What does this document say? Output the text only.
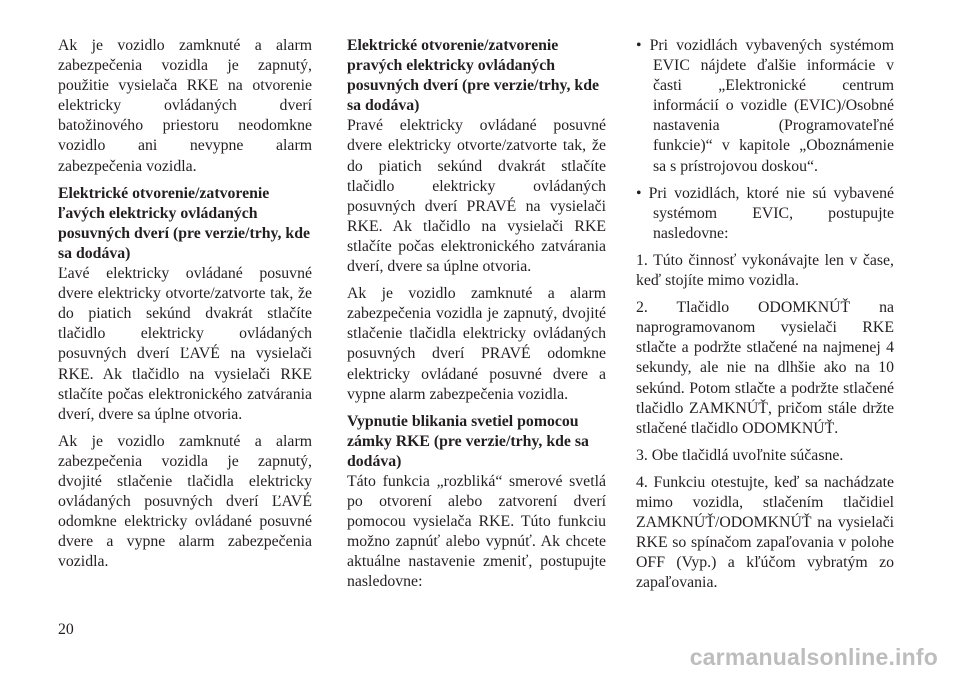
Ak je vozidlo zamknuté a alarm zabezpečenia vozidla je zapnutý, použitie vysielača RKE na otvorenie elektricky ovládaných dverí batožinového priestoru neodomkne vozidlo ani nevypne alarm zabezpečenia vozidla.

Elektrické otvorenie/zatvorenie ľavých elektricky ovládaných posuvných dverí (pre verzie/trhy, kde sa dodáva)

Ľavé elektricky ovládané posuvné dvere elektricky otvorte/zatvorte tak, že do piatich sekúnd dvakrát stlačíte tlačidlo elektricky ovládaných posuvných dverí ĽAVÉ na vysielači RKE. Ak tlačidlo na vysielači RKE stlačíte počas elektronického zatvárania dverí, dvere sa úplne otvoria.

Ak je vozidlo zamknuté a alarm zabezpečenia vozidla je zapnutý, dvojité stlačenie tlačidla elektricky ovládaných posuvných dverí ĽAVÉ odomkne elektricky ovládané posuvné dvere a vypne alarm zabezpečenia vozidla.

Elektrické otvorenie/zatvorenie pravých elektricky ovládaných posuvných dverí (pre verzie/trhy, kde sa dodáva)

Pravé elektricky ovládané posuvné dvere elektricky otvorte/zatvorte tak, že do piatich sekúnd dvakrát stlačíte tlačidlo elektricky ovládaných posuvných dverí PRAVÉ na vysielači RKE. Ak tlačidlo na vysielači RKE stlačíte počas elektronického zatvárania dverí, dvere sa úplne otvoria.

Ak je vozidlo zamknuté a alarm zabezpečenia vozidla je zapnutý, dvojité stlačenie tlačidla elektricky ovládaných posuvných dverí PRAVÉ odomkne elektricky ovládané posuvné dvere a vypne alarm zabezpečenia vozidla.

Vypnutie blikania svetiel pomocou zámky RKE (pre verzie/trhy, kde sa dodáva)

Táto funkcia „rozbliká“ smerové svetlá po otvorení alebo zatvorení dverí pomocou vysielača RKE. Túto funkciu možno zapnúť alebo vypnúť. Ak chcete aktuálne nastavenie zmeniť, postupujte nasledovne:

• Pri vozidlách vybavených systémom EVIC nájdete ďalšie informácie v časti „Elektronické centrum informácií o vozidle (EVIC)/Osobné nastavenia (Programovateľné funkcie)“ v kapitole „Oboznámenie sa s prístrojovou doskou“.

• Pri vozidlách, ktoré nie sú vybavené systémom EVIC, postupujte nasledovne:

1. Túto činnosť vykonávajte len v čase, keď stojíte mimo vozidla.

2. Tlačidlo ODOMKNÚŤ na naprogramovanom vysielači RKE stlačte a podržte stlačené na najmenej 4 sekundy, ale nie na dlhšie ako na 10 sekúnd. Potom stlačte a podržte stlačené tlačidlo ZAMKNÚŤ, pričom stále držte stlačené tlačidlo ODOMKNÚŤ.

3. Obe tlačidlá uvoľnite súčasne.

4. Funkciu otestujte, keď sa nachádzate mimo vozidla, stlačením tlačidiel ZAMKNÚŤ/ODOMKNÚŤ na vysielači RKE so spínačom zapaľovania v polohe OFF (Vyp.) a kľúčom vybratým zo zapaľovania.

20
carmanualsonline.info
